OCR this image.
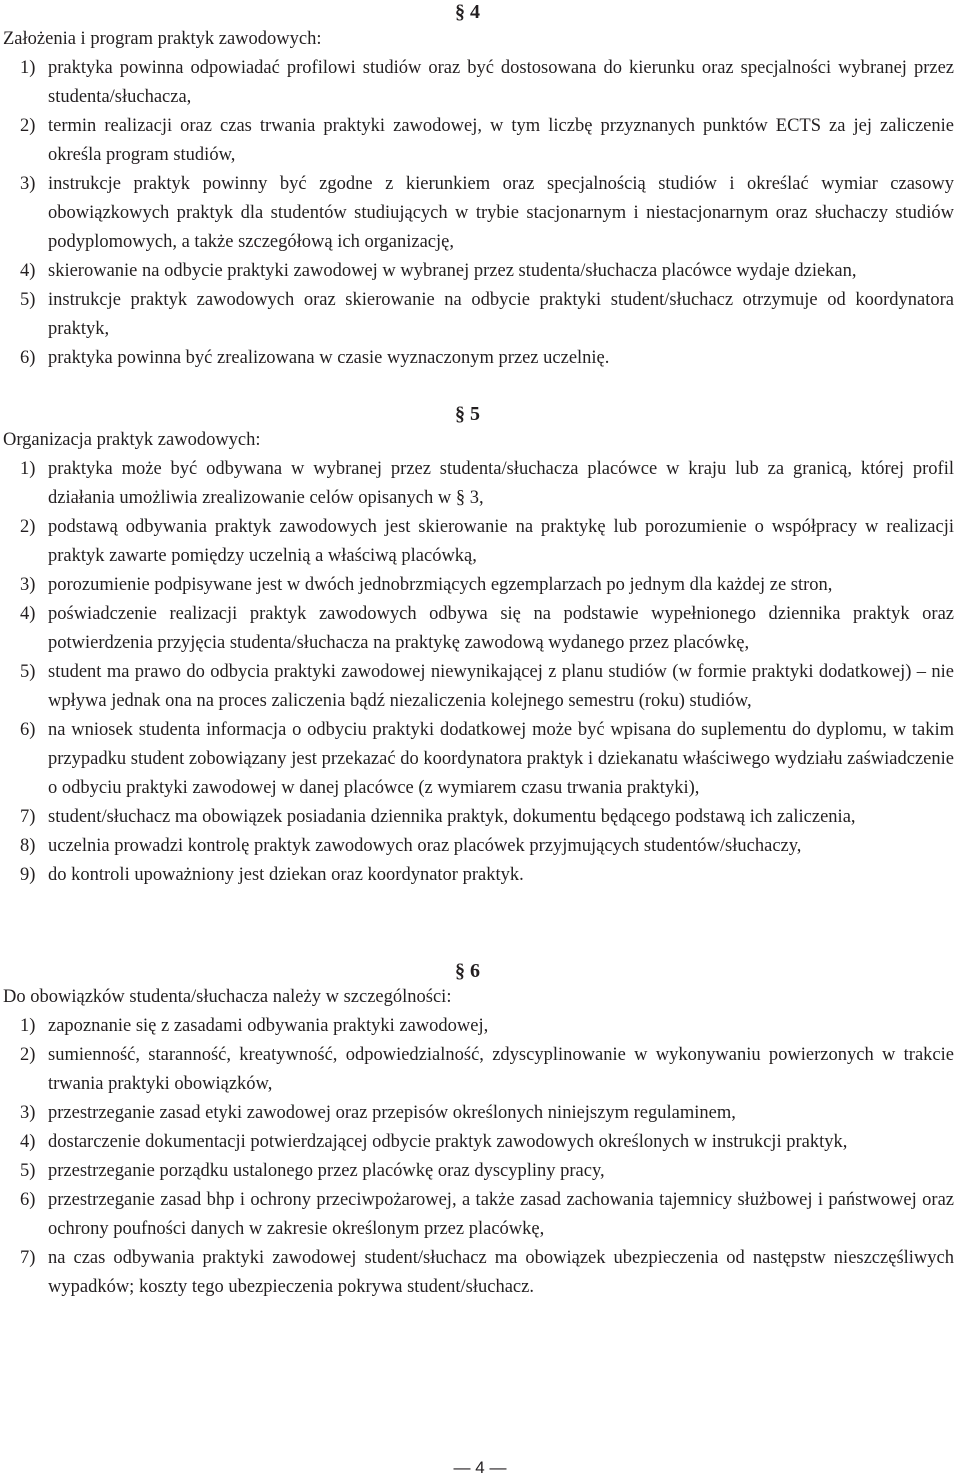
§ 4

Założenia i program praktyk zawodowych:

1) praktyka powinna odpowiadać profilowi studiów oraz być dostosowana do kierunku oraz specjalności wybranej przez studenta/słuchacza,
2) termin realizacji oraz czas trwania praktyki zawodowej, w tym liczbę przyznanych punktów ECTS za jej zaliczenie określa program studiów,
3) instrukcje praktyk powinny być zgodne z kierunkiem oraz specjalnością studiów i określać wymiar czasowy obowiązkowych praktyk dla studentów studiujących w trybie stacjonarnym i niestacjonarnym oraz słuchaczy studiów podyplomowych, a także szczegółową ich organizację,
4) skierowanie na odbycie praktyki zawodowej w wybranej przez studenta/słuchacza placówce wydaje dziekan,
5) instrukcje praktyk zawodowych oraz skierowanie na odbycie praktyki student/słuchacz otrzymuje od koordynatora praktyk,
6) praktyka powinna być zrealizowana w czasie wyznaczonym przez uczelnię.
§ 5

Organizacja praktyk zawodowych:

1) praktyka może być odbywana w wybranej przez studenta/słuchacza placówce w kraju lub za granicą, której profil działania umożliwia zrealizowanie celów opisanych w § 3,
2) podstawą odbywania praktyk zawodowych jest skierowanie na praktykę lub porozumienie o współpracy w realizacji praktyk zawarte pomiędzy uczelnią a właściwą placówką,
3) porozumienie podpisywane jest w dwóch jednobrzmiących egzemplarzach po jednym dla każdej ze stron,
4) poświadczenie realizacji praktyk zawodowych odbywa się na podstawie wypełnionego dziennika praktyk oraz potwierdzenia przyjęcia studenta/słuchacza na praktykę zawodową wydanego przez placówkę,
5) student ma prawo do odbycia praktyki zawodowej niewynikającej z planu studiów (w formie praktyki dodatkowej) – nie wpływa jednak ona na proces zaliczenia bądź niezaliczenia kolejnego semestru (roku) studiów,
6) na wniosek studenta informacja o odbyciu praktyki dodatkowej może być wpisana do suplementu do dyplomu, w takim przypadku student zobowiązany jest przekazać do koordynatora praktyk i dziekanatu właściwego wydziału zaświadczenie o odbyciu praktyki zawodowej w danej placówce (z wymiarem czasu trwania praktyki),
7) student/słuchacz ma obowiązek posiadania dziennika praktyk, dokumentu będącego podstawą ich zaliczenia,
8) uczelnia prowadzi kontrolę praktyk zawodowych oraz placówek przyjmujących studentów/słuchaczy,
9) do kontroli upoważniony jest dziekan oraz koordynator praktyk.
§ 6

Do obowiązków studenta/słuchacza należy w szczególności:

1) zapoznanie się z zasadami odbywania praktyki zawodowej,
2) sumienność, staranność, kreatywność, odpowiedzialność, zdyscyplinowanie w wykonywaniu powierzonych w trakcie trwania praktyki obowiązków,
3) przestrzeganie zasad etyki zawodowej oraz przepisów określonych niniejszym regulaminem,
4) dostarczenie dokumentacji potwierdzającej odbycie praktyk zawodowych określonych w instrukcji praktyk,
5) przestrzeganie porządku ustalonego przez placówkę oraz dyscypliny pracy,
6) przestrzeganie zasad bhp i ochrony przeciwpożarowej, a także zasad zachowania tajemnicy służbowej i państwowej oraz ochrony poufności danych w zakresie określonym przez placówkę,
7) na czas odbywania praktyki zawodowej student/słuchacz ma obowiązek ubezpieczenia od następstw nieszczęśliwych wypadków; koszty tego ubezpieczenia pokrywa student/słuchacz.
— 4 —
